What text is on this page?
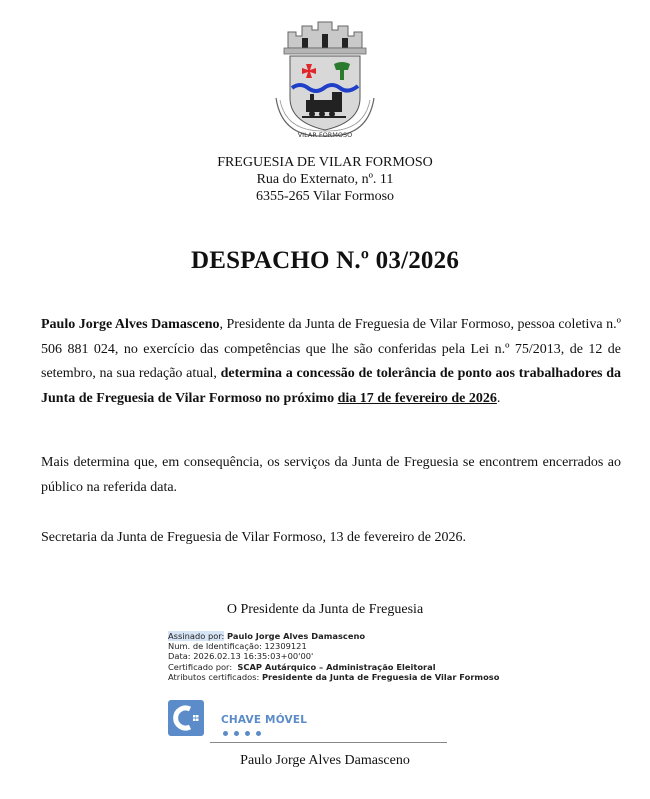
VILAR FORMOSO
FREGUESIA DE VILAR FORMOSO
Rua do Externato, nº. 11
6355-265 Vilar Formoso
DESPACHO N.º 03/2026
Paulo Jorge Alves Damasceno, Presidente da Junta de Freguesia de Vilar Formoso, pessoa coletiva n.º 506 881 024, no exercício das competências que lhe são conferidas pela Lei n.º 75/2013, de 12 de setembro, na sua redação atual, determina a concessão de tolerância de ponto aos trabalhadores da Junta de Freguesia de Vilar Formoso no próximo dia 17 de fevereiro de 2026.
Mais determina que, em consequência, os serviços da Junta de Freguesia se encontrem encerrados ao público na referida data.
Secretaria da Junta de Freguesia de Vilar Formoso, 13 de fevereiro de 2026.
O Presidente da Junta de Freguesia
Assinado por: Paulo Jorge Alves Damasceno
Num. de Identificação: 12309121
Data: 2026.02.13 16:35:03+00'00'
Certificado por: SCAP Autárquico – Administração Eleitoral
Atributos certificados: Presidente da Junta de Freguesia de Vilar Formoso
CHAVE MÓVEL
Paulo Jorge Alves Damasceno
